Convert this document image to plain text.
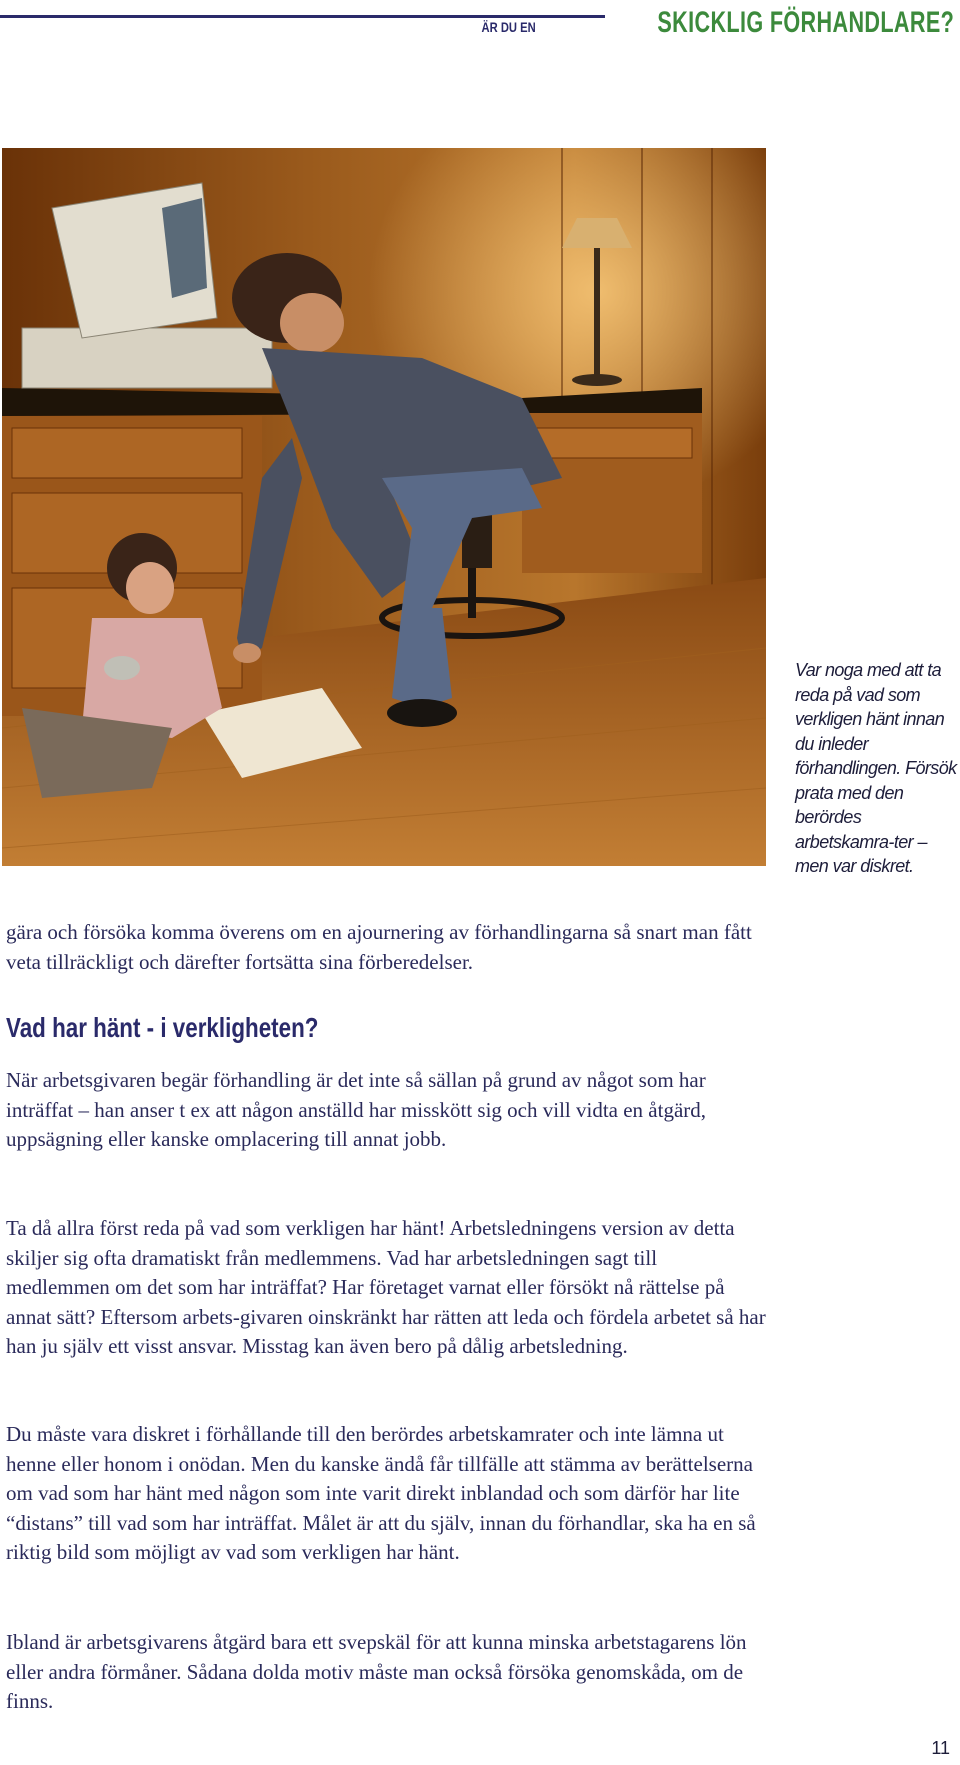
ÄR DU EN	SKICKLIG FÖRHANDLARE?
Var noga med att ta reda på vad som verkligen hänt innan du inleder förhandlingen. Försök prata med den berördes arbetskamra-ter – men var diskret.
gära och försöka komma överens om en ajournering av förhandlingarna så snart man fått veta tillräckligt och därefter fortsätta sina förberedelser.
Vad har hänt - i verkligheten?
När arbetsgivaren begär förhandling är det inte så sällan på grund av något som har inträffat – han anser t ex att någon anställd har misskött sig och vill vidta en åtgärd, uppsägning eller kanske omplacering till annat jobb.
Ta då allra först reda på vad som verkligen har hänt! Arbetsledningens version av detta skiljer sig ofta dramatiskt från medlemmens. Vad har arbetsledningen sagt till medlemmen om det som har inträffat? Har företaget varnat eller försökt nå rättelse på annat sätt? Eftersom arbets-givaren oinskränkt har rätten att leda och fördela arbetet så har han ju själv ett visst ansvar. Misstag kan även bero på dålig arbetsledning.
Du måste vara diskret i förhållande till den berördes arbetskamrater och inte lämna ut henne eller honom i onödan. Men du kanske ändå får tillfälle att stämma av berättelserna om vad som har hänt med någon som inte varit direkt inblandad och som därför har lite “distans” till vad som har inträffat. Målet är att du själv, innan du förhandlar, ska ha en så riktig bild som möjligt av vad som verkligen har hänt.
Ibland är arbetsgivarens åtgärd bara ett svepskäl för att kunna minska arbetstagarens lön eller andra förmåner. Sådana dolda motiv måste man också försöka genomskåda, om de finns.
11
